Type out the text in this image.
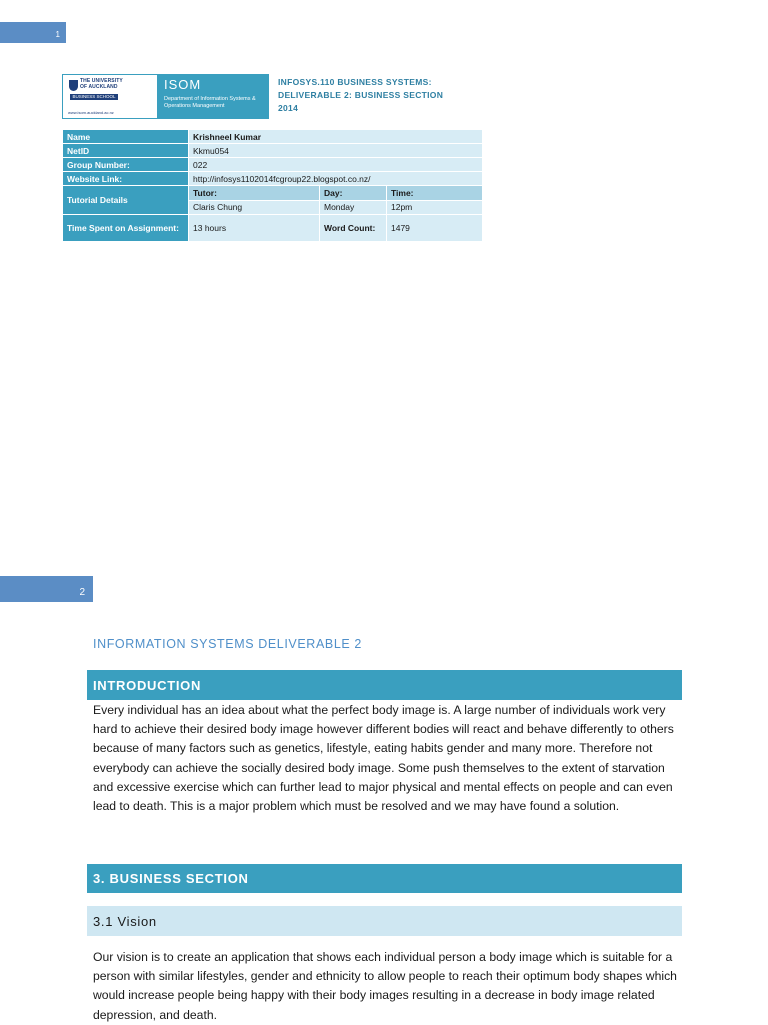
1
THE UNIVERSITY
OF AUCKLAND
BUSINESS SCHOOL
www.isom.auckland.ac.nz
ISOM
Department of Information Systems & Operations Management
INFOSYS.110 BUSINESS SYSTEMS:
DELIVERABLE 2: BUSINESS SECTION
2014
Name	Krishneel Kumar		
NetID	Kkmu054		
Group Number:	022		
Website Link:	http://infosys1102014fcgroup22.blogspot.co.nz/		
Tutorial Details	Tutor:	Day:	Time:
	Claris Chung	Monday	12pm
Time Spent on Assignment:	13 hours	Word Count:	1479
2
INFORMATION SYSTEMS DELIVERABLE 2
INTRODUCTION
Every individual has an idea about what the perfect body image is. A large number of individuals work very hard to achieve their desired body image however different bodies will react and behave differently to others because of many factors such as genetics, lifestyle, eating habits gender and many more. Therefore not everybody can achieve the socially desired body image. Some push themselves to the extent of starvation and excessive exercise which can further lead to major physical and mental effects on people and can even lead to death. This is a major problem which must be resolved and we may have found a solution.
3. BUSINESS SECTION
3.1 Vision
Our vision is to create an application that shows each individual person a body image which is suitable for a person with similar lifestyles, gender and ethnicity to allow people to reach their optimum body shapes which would increase people being happy with their body images resulting in a decrease in body image related depression, and death.
